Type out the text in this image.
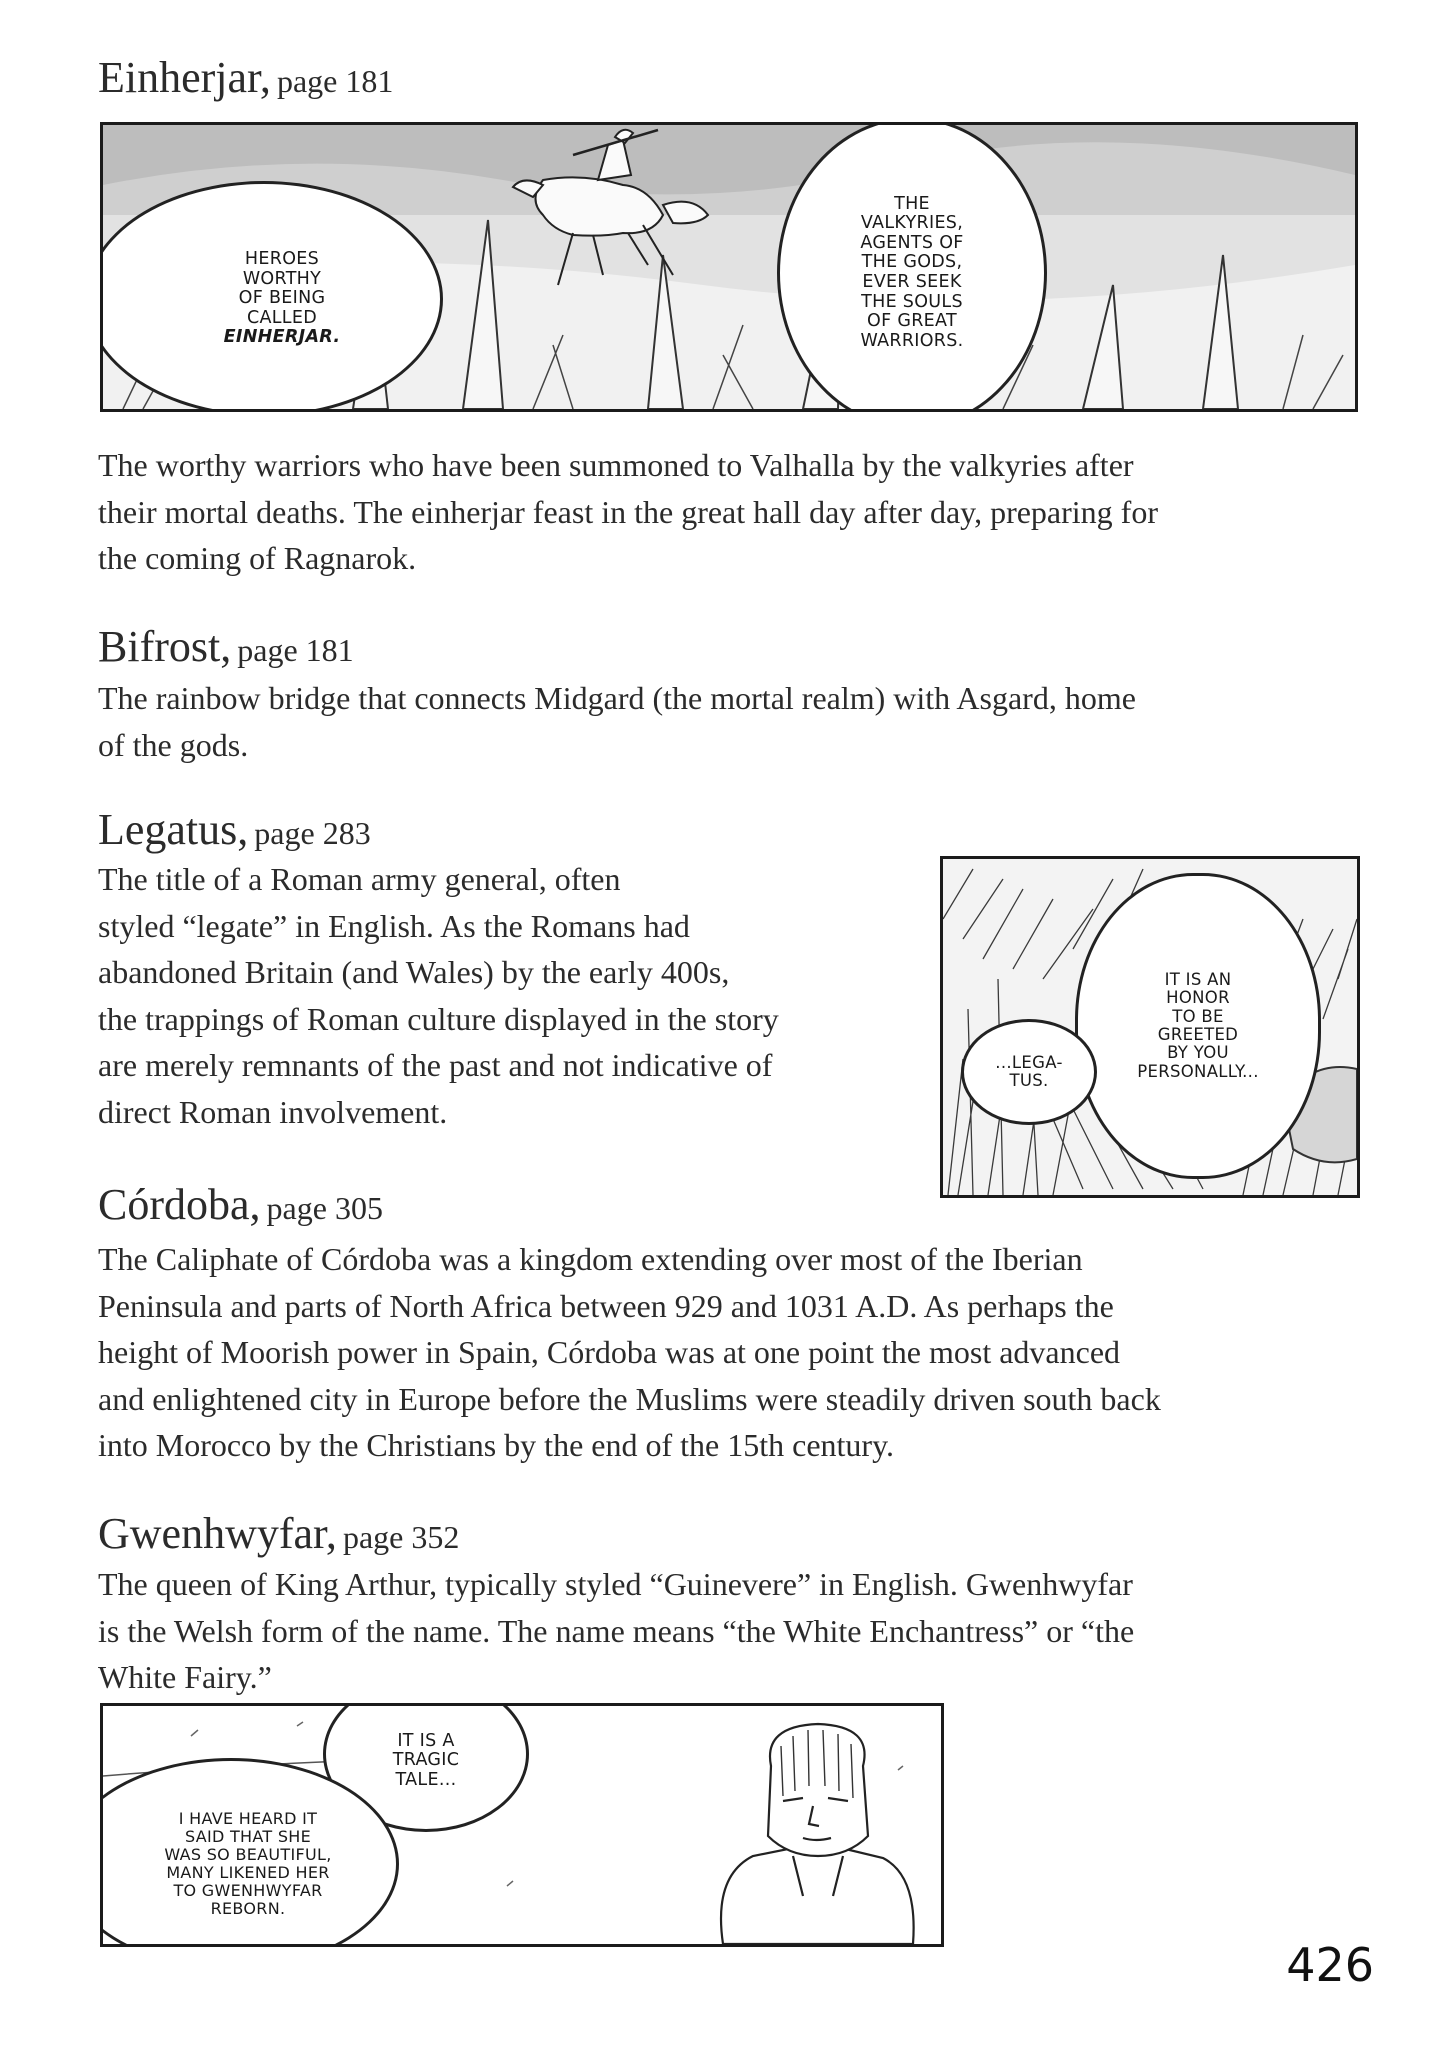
Einherjar, page 181
HEROES
WORTHY
OF BEING
CALLED
EINHERJAR.
THE
VALKYRIES,
AGENTS OF
THE GODS,
EVER SEEK
THE SOULS
OF GREAT
WARRIORS.

The worthy warriors who have been summoned to Valhalla by the valkyries after
their mortal deaths. The einherjar feast in the great hall day after day, preparing for
the coming of Ragnarok.

Bifrost, page 181

The rainbow bridge that connects Midgard (the mortal realm) with Asgard, home
of the gods.

Legatus, page 283

The title of a Roman army general, often
styled “legate” in English. As the Romans had
abandoned Britain (and Wales) by the early 400s,
the trappings of Roman culture displayed in the story
are merely remnants of the past and not indicative of
direct Roman involvement.

IT IS AN
HONOR
TO BE
GREETED
BY YOU
PERSONALLY...
...LEGA-
TUS.
Córdoba, page 305

The Caliphate of Córdoba was a kingdom extending over most of the Iberian
Peninsula and parts of North Africa between 929 and 1031 A.D. As perhaps the
height of Moorish power in Spain, Córdoba was at one point the most advanced
and enlightened city in Europe before the Muslims were steadily driven south back
into Morocco by the Christians by the end of the 15th century.

Gwenhwyfar, page 352

The queen of King Arthur, typically styled “Guinevere” in English. Gwenhwyfar
is the Welsh form of the name. The name means “the White Enchantress” or “the
White Fairy.”

IT IS A
TRAGIC
TALE...
I HAVE HEARD IT
SAID THAT SHE
WAS SO BEAUTIFUL,
MANY LIKENED HER
TO GWENHWYFAR
REBORN.
426
